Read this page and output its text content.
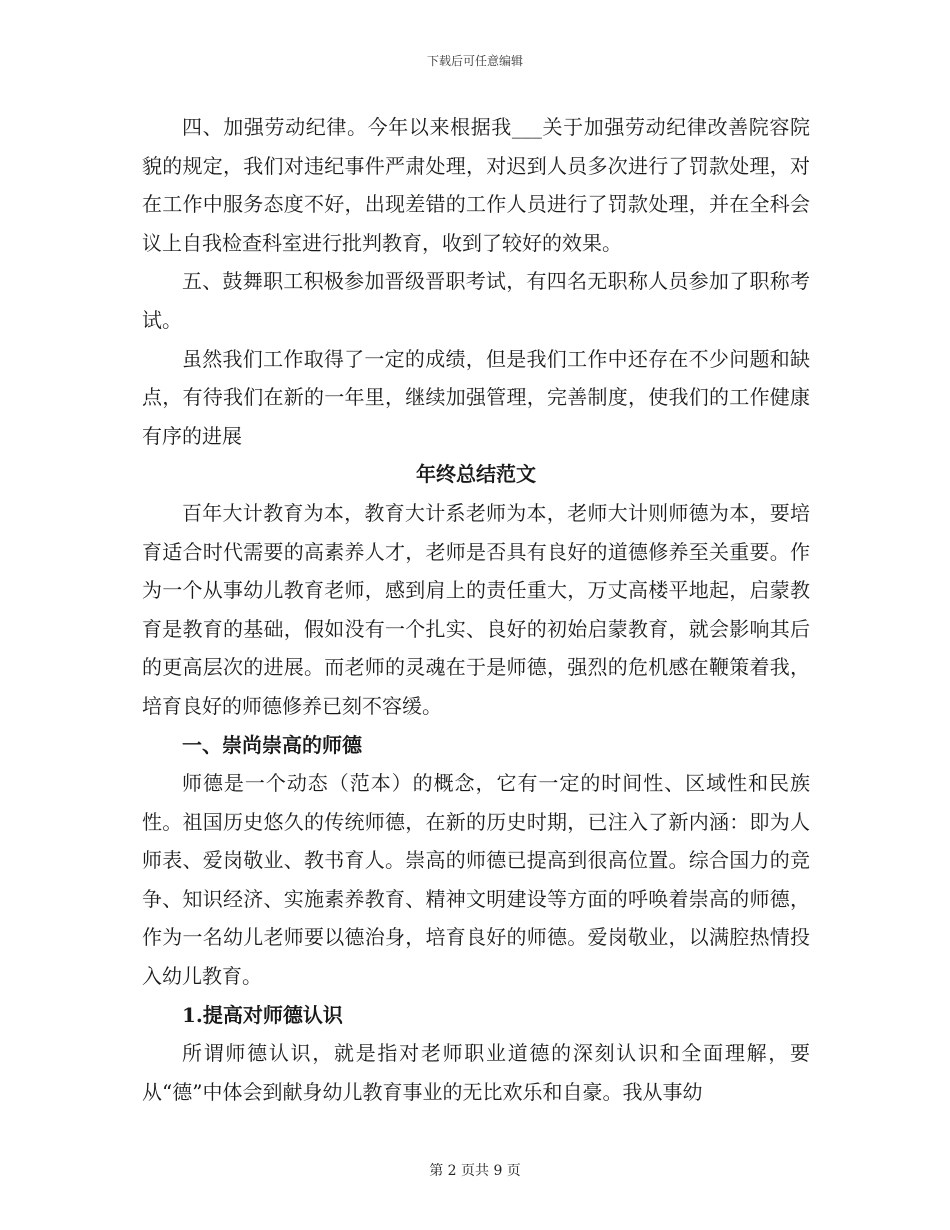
下载后可任意编辑

四、加强劳动纪律。今年以来根据我___关于加强劳动纪律改善院容院貌的规定，我们对违纪事件严肃处理，对迟到人员多次进行了罚款处理，对在工作中服务态度不好，出现差错的工作人员进行了罚款处理，并在全科会议上自我检查科室进行批判教育，收到了较好的效果。

五、鼓舞职工积极参加晋级晋职考试，有四名无职称人员参加了职称考试。

虽然我们工作取得了一定的成绩，但是我们工作中还存在不少问题和缺点，有待我们在新的一年里，继续加强管理，完善制度，使我们的工作健康有序的进展

年终总结范文

百年大计教育为本，教育大计系老师为本，老师大计则师德为本，要培育适合时代需要的高素养人才，老师是否具有良好的道德修养至关重要。作为一个从事幼儿教育老师，感到肩上的责任重大，万丈高楼平地起，启蒙教育是教育的基础，假如没有一个扎实、良好的初始启蒙教育，就会影响其后的更高层次的进展。而老师的灵魂在于是师德，强烈的危机感在鞭策着我，培育良好的师德修养已刻不容缓。

一、崇尚崇高的师德

师德是一个动态（范本）的概念，它有一定的时间性、区域性和民族性。祖国历史悠久的传统师德，在新的历史时期，已注入了新内涵：即为人师表、爱岗敬业、教书育人。崇高的师德已提高到很高位置。综合国力的竞争、知识经济、实施素养教育、精神文明建设等方面的呼唤着崇高的师德，作为一名幼儿老师要以德治身，培育良好的师德。爱岗敬业，以满腔热情投入幼儿教育。

1.提高对师德认识

所谓师德认识，就是指对老师职业道德的深刻认识和全面理解，要从“德”中体会到献身幼儿教育事业的无比欢乐和自豪。我从事幼

第 2 页共 9 页
